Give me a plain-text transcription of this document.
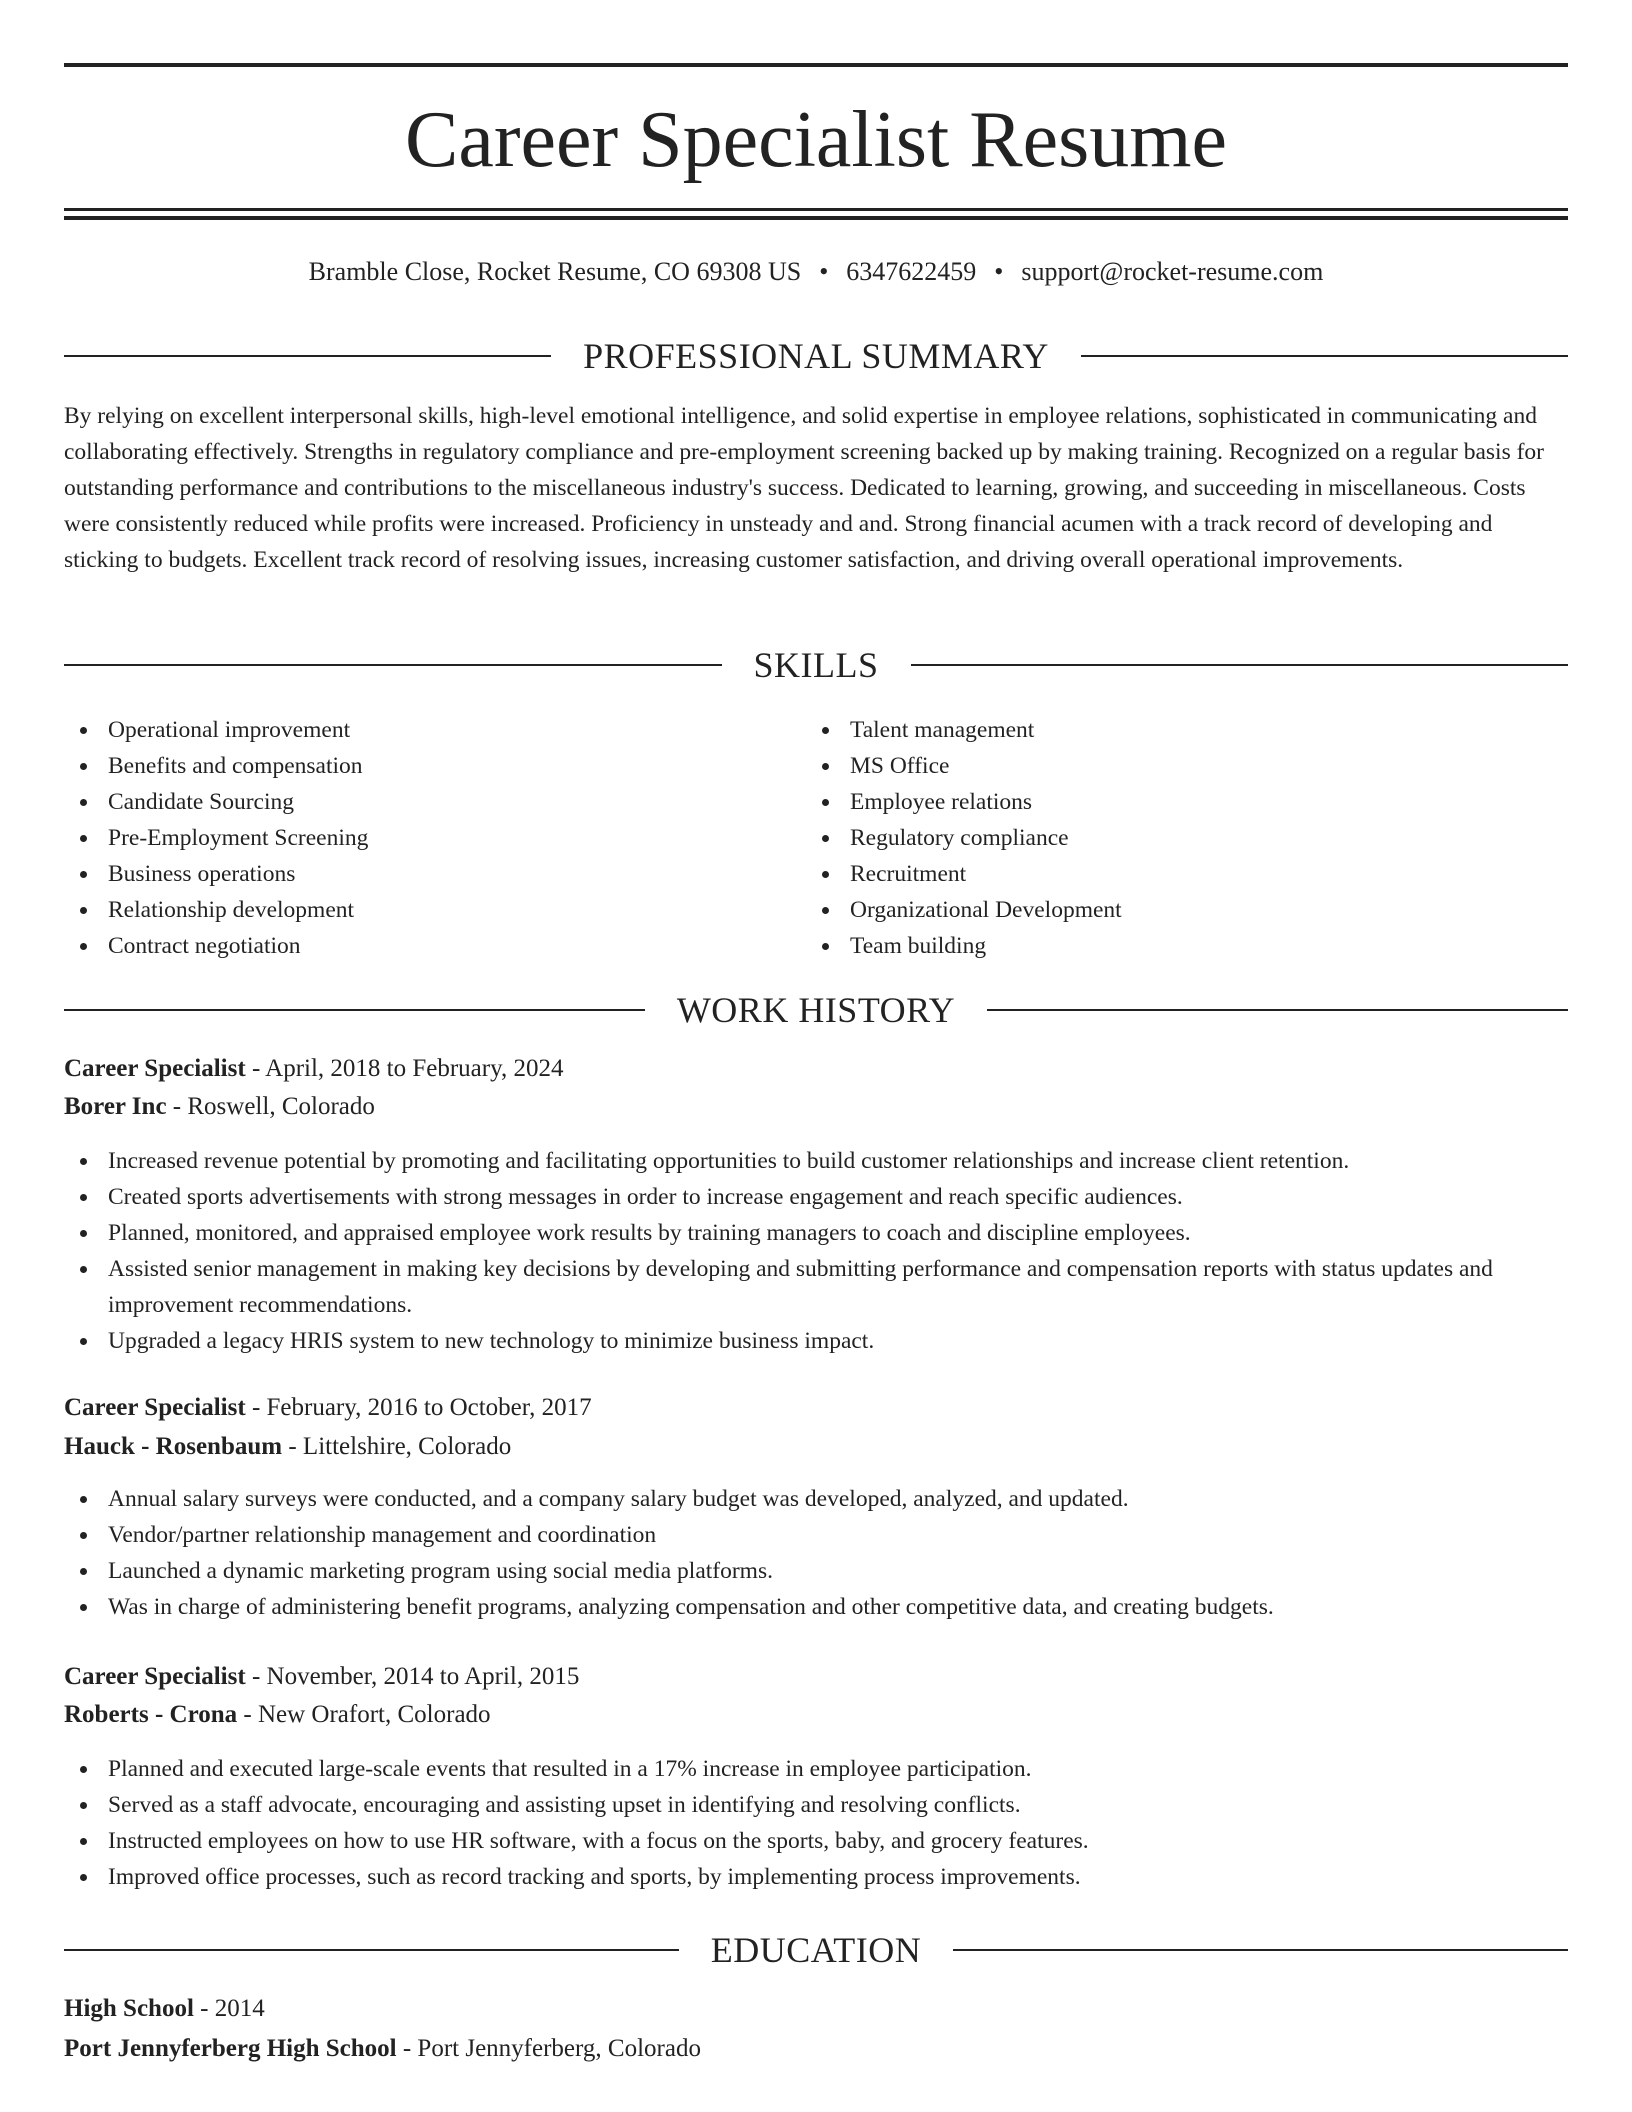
Career Specialist Resume
Bramble Close, Rocket Resume, CO 69308 US • 6347622459 • support@rocket-resume.com
PROFESSIONAL SUMMARY

By relying on excellent interpersonal skills, high-level emotional intelligence, and solid expertise in employee relations, sophisticated in communicating and collaborating effectively. Strengths in regulatory compliance and pre-employment screening backed up by making training. Recognized on a regular basis for outstanding performance and contributions to the miscellaneous industry's success. Dedicated to learning, growing, and succeeding in miscellaneous. Costs were consistently reduced while profits were increased. Proficiency in unsteady and and. Strong financial acumen with a track record of developing and sticking to budgets. Excellent track record of resolving issues, increasing customer satisfaction, and driving overall operational improvements.

SKILLS
Operational improvement
Benefits and compensation
Candidate Sourcing
Pre-Employment Screening
Business operations
Relationship development
Contract negotiation
Talent management
MS Office
Employee relations
Regulatory compliance
Recruitment
Organizational Development
Team building
WORK HISTORY
Career Specialist - April, 2018 to February, 2024
Borer Inc - Roswell, Colorado
Increased revenue potential by promoting and facilitating opportunities to build customer relationships and increase client retention.
Created sports advertisements with strong messages in order to increase engagement and reach specific audiences.
Planned, monitored, and appraised employee work results by training managers to coach and discipline employees.
Assisted senior management in making key decisions by developing and submitting performance and compensation reports with status updates and improvement recommendations.
Upgraded a legacy HRIS system to new technology to minimize business impact.
Career Specialist - February, 2016 to October, 2017
Hauck - Rosenbaum - Littelshire, Colorado
Annual salary surveys were conducted, and a company salary budget was developed, analyzed, and updated.
Vendor/partner relationship management and coordination
Launched a dynamic marketing program using social media platforms.
Was in charge of administering benefit programs, analyzing compensation and other competitive data, and creating budgets.
Career Specialist - November, 2014 to April, 2015
Roberts - Crona - New Orafort, Colorado
Planned and executed large-scale events that resulted in a 17% increase in employee participation.
Served as a staff advocate, encouraging and assisting upset in identifying and resolving conflicts.
Instructed employees on how to use HR software, with a focus on the sports, baby, and grocery features.
Improved office processes, such as record tracking and sports, by implementing process improvements.
EDUCATION
High School - 2014
Port Jennyferberg High School - Port Jennyferberg, Colorado
